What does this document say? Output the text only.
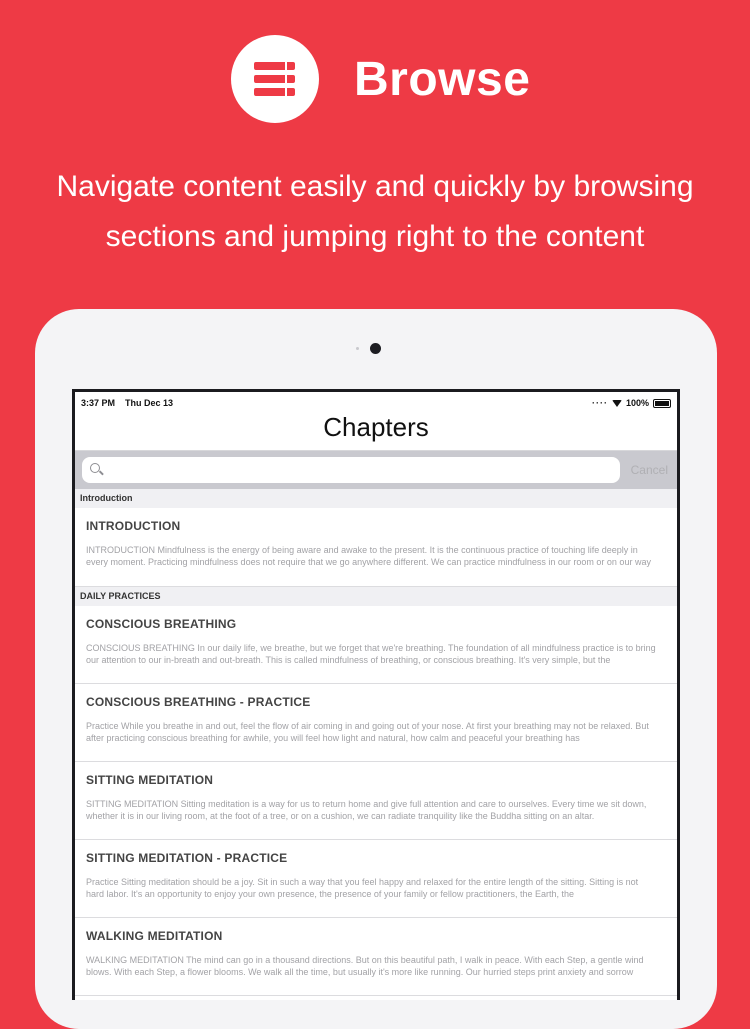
Browse
Navigate content easily and quickly by browsing
sections and jumping right to the content
3:37 PM Thu Dec 13	···· 100%
Chapters
Cancel
Introduction
INTRODUCTION
INTRODUCTION Mindfulness is the energy of being aware and awake to the present. It is the continuous practice of touching life deeply in every moment. Practicing mindfulness does not require that we go anywhere different. We can practice mindfulness in our room or on our way
DAILY PRACTICES
CONSCIOUS BREATHING
CONSCIOUS BREATHING In our daily life, we breathe, but we forget that we're breathing. The foundation of all mindfulness practice is to bring our attention to our in-breath and out-breath. This is called mindfulness of breathing, or conscious breathing. It's very simple, but the
CONSCIOUS BREATHING - PRACTICE
Practice While you breathe in and out, feel the flow of air coming in and going out of your nose. At first your breathing may not be relaxed. But after practicing conscious breathing for awhile, you will feel how light and natural, how calm and peaceful your breathing has
SITTING MEDITATION
SITTING MEDITATION Sitting meditation is a way for us to return home and give full attention and care to ourselves. Every time we sit down, whether it is in our living room, at the foot of a tree, or on a cushion, we can radiate tranquility like the Buddha sitting on an altar.
SITTING MEDITATION - PRACTICE
Practice Sitting meditation should be a joy. Sit in such a way that you feel happy and relaxed for the entire length of the sitting. Sitting is not hard labor. It's an opportunity to enjoy your own presence, the presence of your family or fellow practitioners, the Earth, the
WALKING MEDITATION
WALKING MEDITATION The mind can go in a thousand directions. But on this beautiful path, I walk in peace. With each Step, a gentle wind blows. With each Step, a flower blooms. We walk all the time, but usually it's more like running. Our hurried steps print anxiety and sorrow
